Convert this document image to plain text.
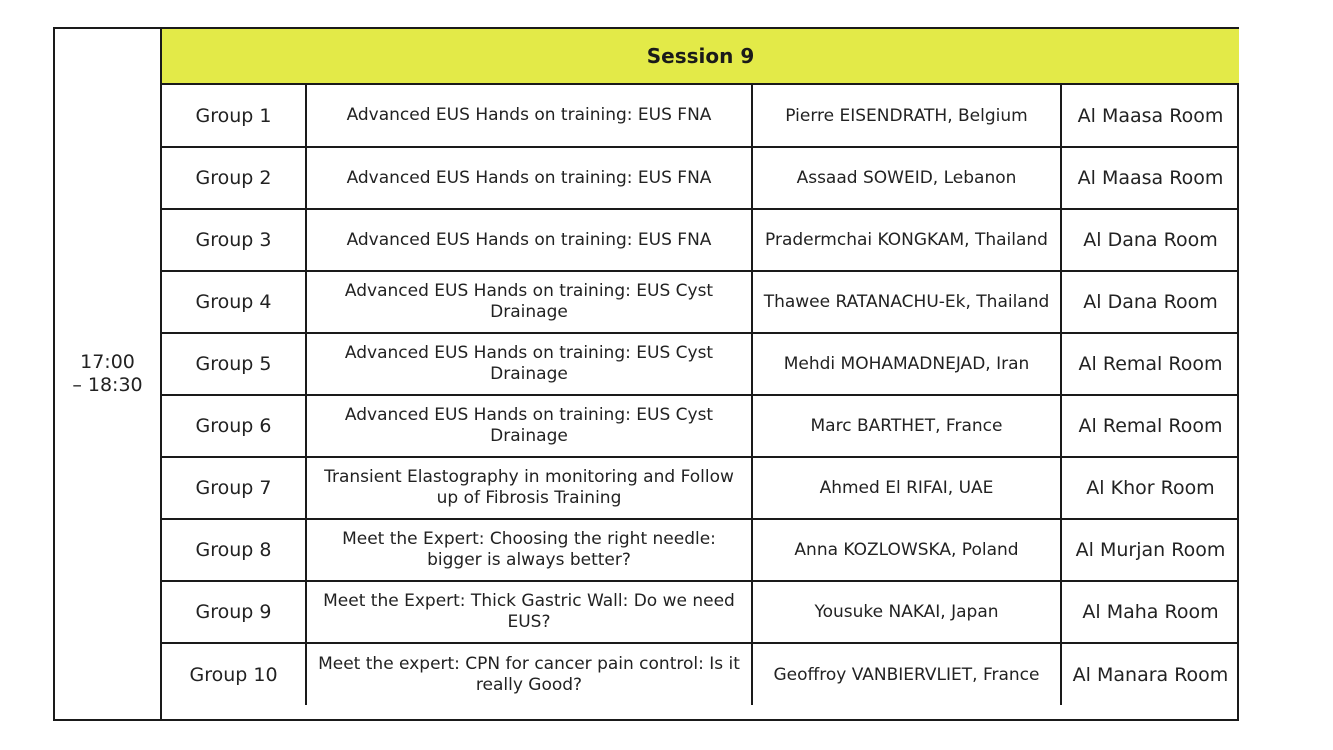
17:00
– 18:30
Session 9
Group 1	Advanced EUS Hands on training: EUS FNA	Pierre EISENDRATH, Belgium	Al Maasa Room
Group 2	Advanced EUS Hands on training: EUS FNA	Assaad SOWEID, Lebanon	Al Maasa Room
Group 3	Advanced EUS Hands on training: EUS FNA	Pradermchai KONGKAM, Thailand	Al Dana Room
Group 4	Advanced EUS Hands on training: EUS Cyst Drainage	Thawee RATANACHU-Ek, Thailand	Al Dana Room
Group 5	Advanced EUS Hands on training: EUS Cyst Drainage	Mehdi MOHAMADNEJAD, Iran	Al Remal Room
Group 6	Advanced EUS Hands on training: EUS Cyst Drainage	Marc BARTHET, France	Al Remal Room
Group 7	Transient Elastography in monitoring and Follow up of Fibrosis Training	Ahmed El RIFAI, UAE	Al Khor Room
Group 8	Meet the Expert: Choosing the right needle: bigger is always better?	Anna KOZLOWSKA, Poland	Al Murjan Room
Group 9	Meet the Expert: Thick Gastric Wall: Do we need EUS?	Yousuke NAKAI, Japan	Al Maha Room
Group 10	Meet the expert: CPN for cancer pain control: Is it really Good?	Geoffroy VANBIERVLIET, France	Al Manara Room
